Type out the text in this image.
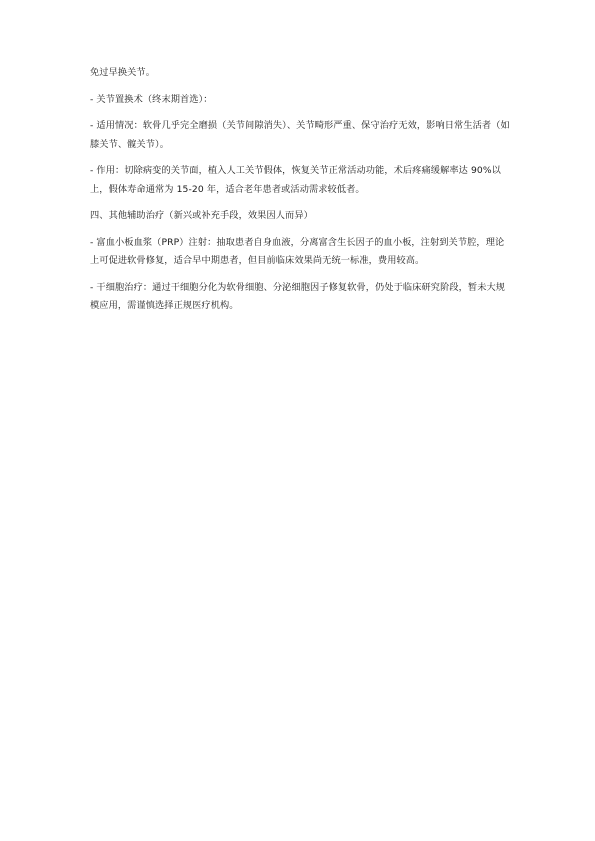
免过早换关节。

- 关节置换术（终末期首选）：

- 适用情况：软骨几乎完全磨损（关节间隙消失）、关节畸形严重、保守治疗无效，影响日常生活者（如膝关节、髋关节）。

- 作用：切除病变的关节面，植入人工关节假体，恢复关节正常活动功能，术后疼痛缓解率达 90%以上，假体寿命通常为 15-20 年，适合老年患者或活动需求较低者。

四、其他辅助治疗（新兴或补充手段，效果因人而异）

- 富血小板血浆（PRP）注射：抽取患者自身血液，分离富含生长因子的血小板，注射到关节腔，理论上可促进软骨修复，适合早中期患者，但目前临床效果尚无统一标准，费用较高。

- 干细胞治疗：通过干细胞分化为软骨细胞、分泌细胞因子修复软骨，仍处于临床研究阶段，暂未大规模应用，需谨慎选择正规医疗机构。
